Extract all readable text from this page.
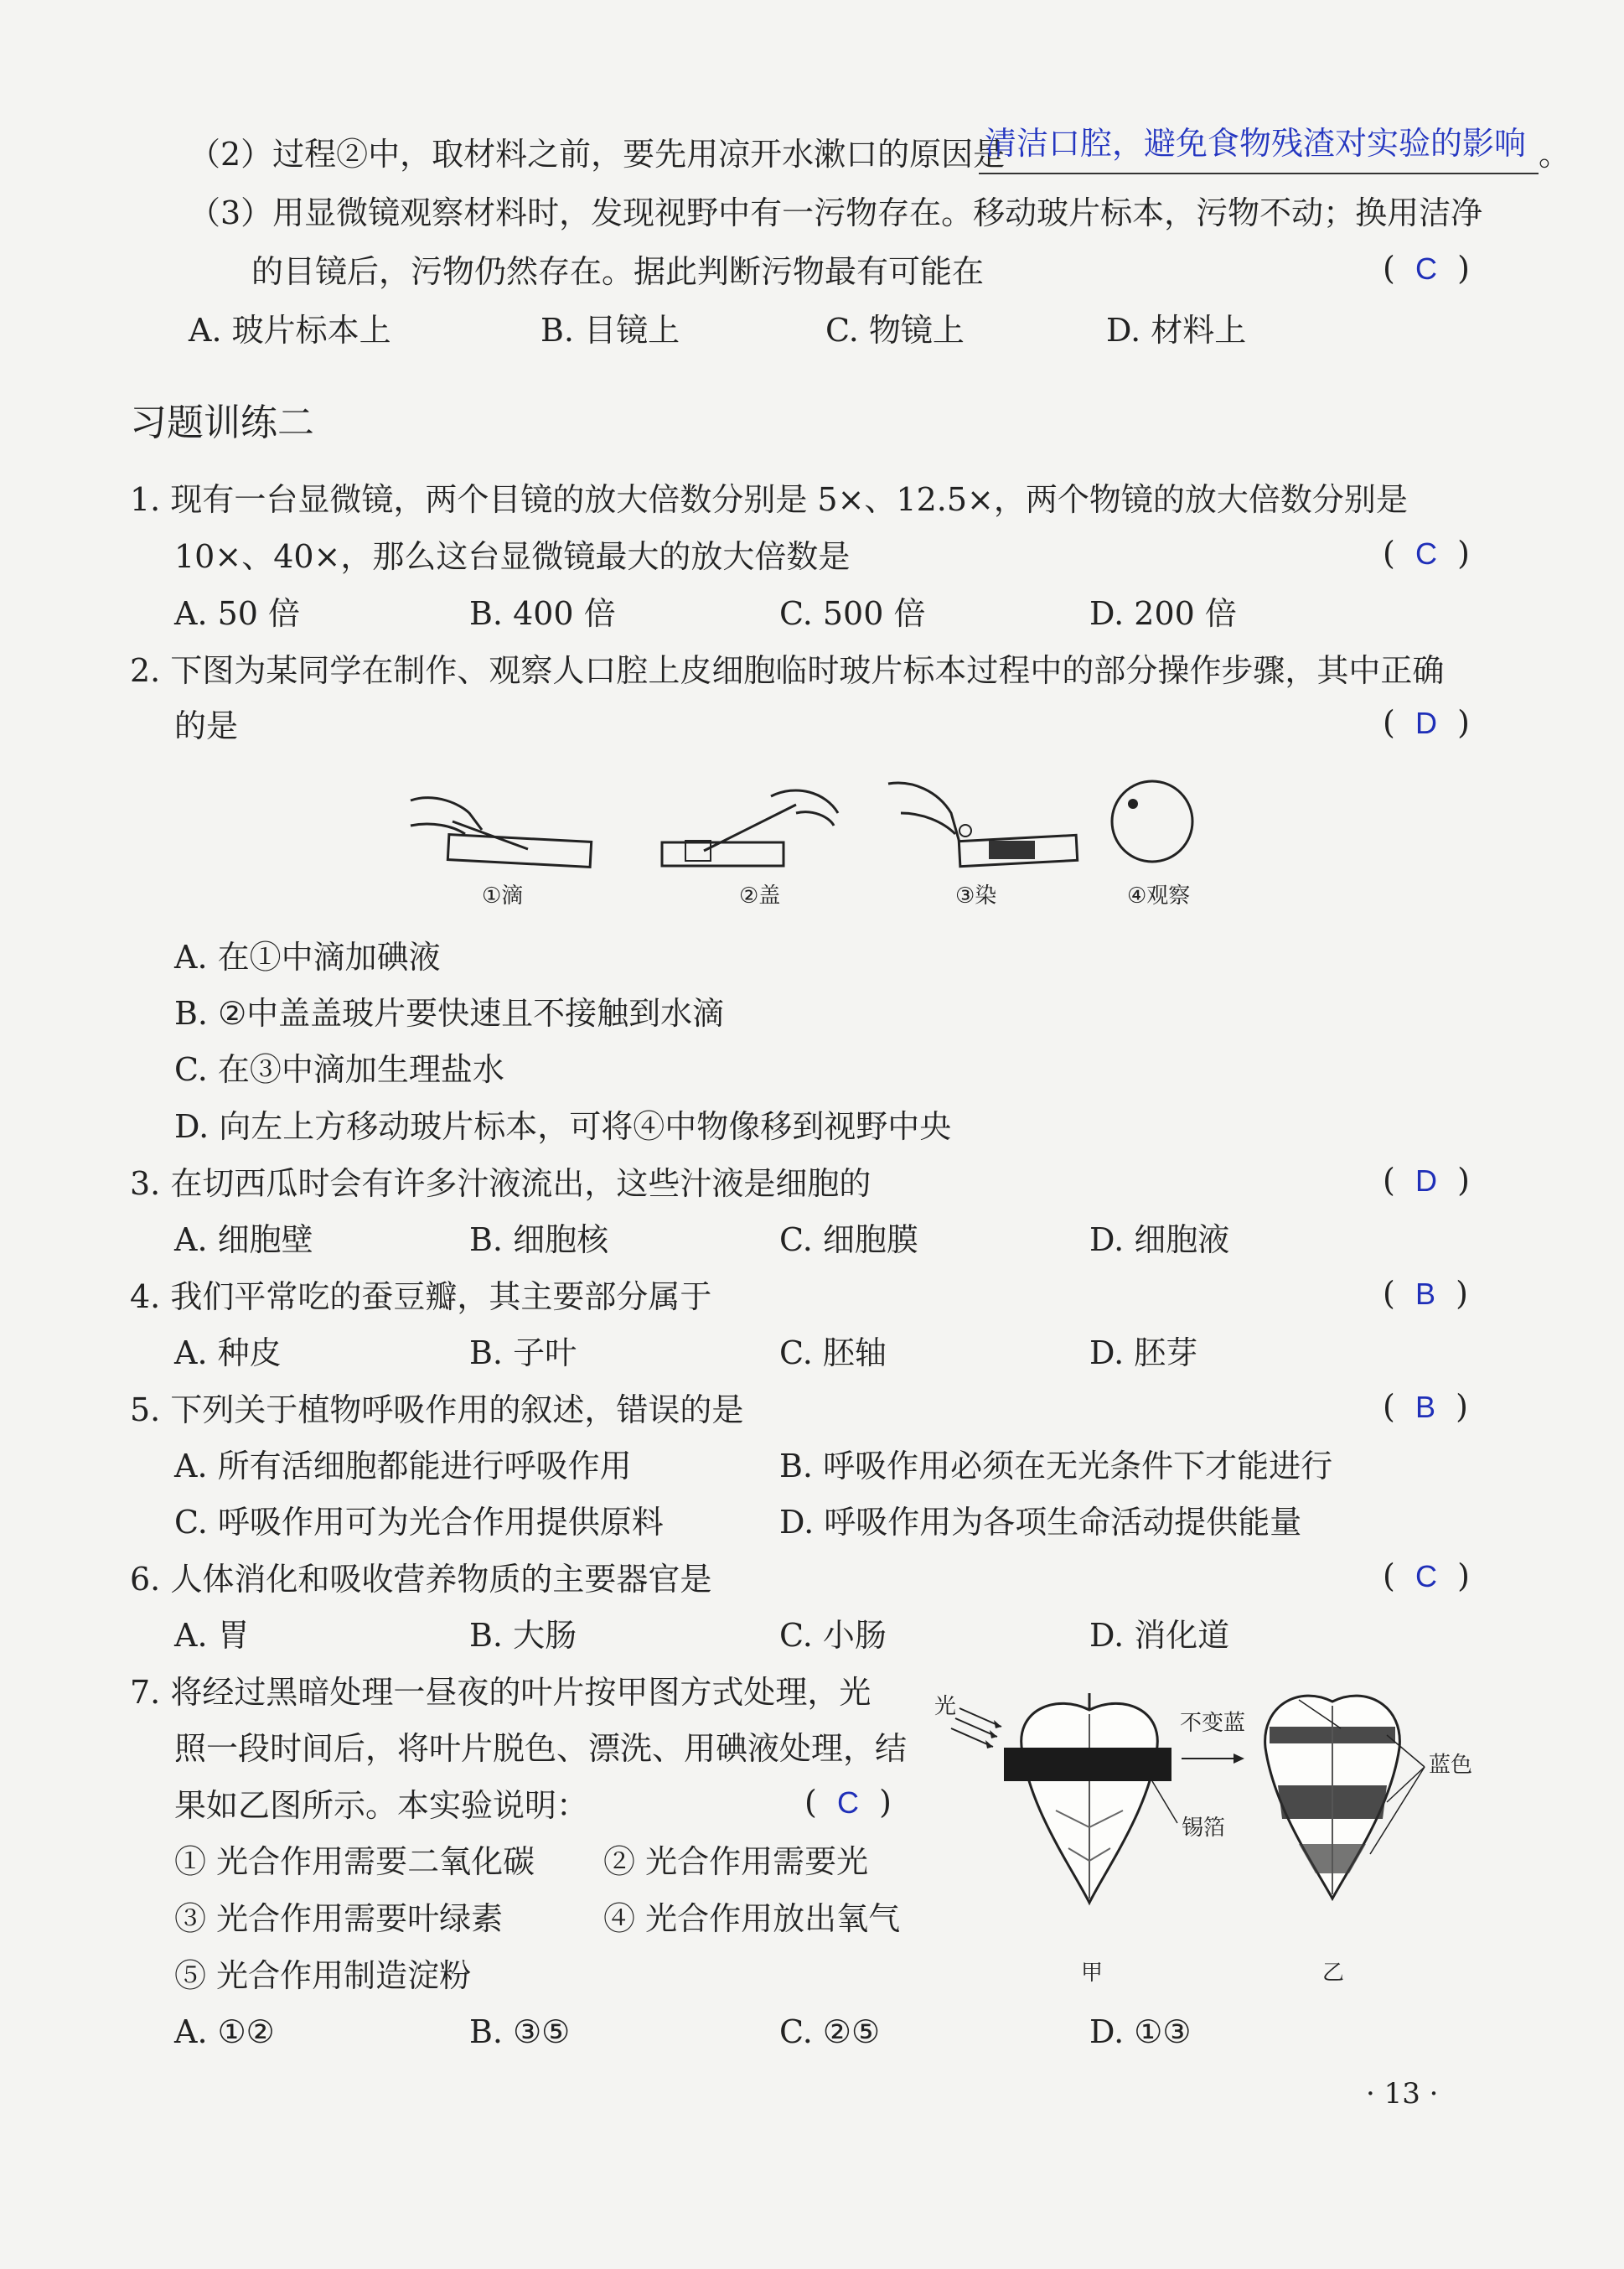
（2）过程②中，取材料之前，要先用凉开水漱口的原因是
清洁口腔，避免食物残渣对实验的影响 。
（3）用显微镜观察材料时，发现视野中有一污物存在。移动玻片标本，污物不动；换用洁净
的目镜后，污物仍然存在。据此判断污物最有可能在	(  C  )
A. 玻片标本上	B. 目镜上	C. 物镜上	D. 材料上
习题训练二
1. 现有一台显微镜，两个目镜的放大倍数分别是 5×、12.5×，两个物镜的放大倍数分别是
10×、40×，那么这台显微镜最大的放大倍数是	(  C  )
A. 50 倍	B. 400 倍	C. 500 倍	D. 200 倍
2. 下图为某同学在制作、观察人口腔上皮细胞临时玻片标本过程中的部分操作步骤，其中正确
的是	(  D  )
①滴	②盖	③染	④观察
A. 在①中滴加碘液
B. ②中盖盖玻片要快速且不接触到水滴
C. 在③中滴加生理盐水
D. 向左上方移动玻片标本，可将④中物像移到视野中央
3. 在切西瓜时会有许多汁液流出，这些汁液是细胞的	(  D  )
A. 细胞壁	B. 细胞核	C. 细胞膜	D. 细胞液
4. 我们平常吃的蚕豆瓣，其主要部分属于	(  B  )
A. 种皮	B. 子叶	C. 胚轴	D. 胚芽
5. 下列关于植物呼吸作用的叙述，错误的是	(  B  )
A. 所有活细胞都能进行呼吸作用	B. 呼吸作用必须在无光条件下才能进行
C. 呼吸作用可为光合作用提供原料	D. 呼吸作用为各项生命活动提供能量
6. 人体消化和吸收营养物质的主要器官是	(  C  )
A. 胃	B. 大肠	C. 小肠	D. 消化道
7. 将经过黑暗处理一昼夜的叶片按甲图方式处理，光
照一段时间后，将叶片脱色、漂洗、用碘液处理，结
果如乙图所示。本实验说明：	(  C  )
① 光合作用需要二氧化碳 ② 光合作用需要光
③ 光合作用需要叶绿素	④ 光合作用放出氧气
⑤ 光合作用制造淀粉
A. ①②	B. ③⑤	C. ②⑤	D. ①③
光
不变蓝
锡箔
蓝色
甲	乙
· 13 ·
